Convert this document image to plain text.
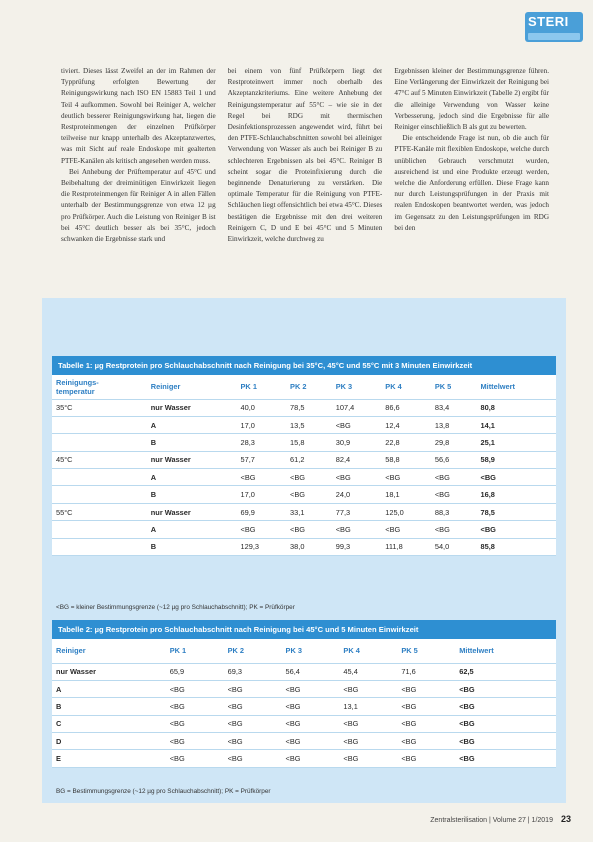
STERI

tiviert. Dieses lässt Zweifel an der im Rahmen der Typprüfung erfolgten Bewertung der Reinigungswirkung nach ISO EN 15883 Teil 1 und Teil 4 aufkommen. Sowohl bei Reiniger A, welcher deutlich besserer Reinigungswirkung hat, liegen die Restproteinmengen der einzelnen Prüfkörper teilweise nur knapp unterhalb des Akzeptanzwertes, was mit Sicht auf reale Endoskope mit gealterten PTFE-Kanälen als kritisch angesehen werden muss.

Bei Anhebung der Prüftemperatur auf 45°C und Beibehaltung der dreiminütigen Einwirkzeit liegen die Restproteinmengen für Reiniger A in allen Fällen unterhalb der Bestimmungsgrenze von etwa 12 µg pro Prüfkörper. Auch die Leistung von Reiniger B ist bei 45°C deutlich besser als bei 35°C, jedoch schwanken die Ergebnisse stark und

bei einem von fünf Prüfkörpern liegt der Restproteinwert immer noch oberhalb des Akzeptanzkriteriums. Eine weitere Anhebung der Reinigungstemperatur auf 55°C – wie sie in der Regel bei RDG mit thermischen Desinfektionsprozessen angewendet wird, führt bei den PTFE-Schlauchabschnitten sowohl bei alleiniger Verwendung von Wasser als auch bei Reiniger B zu schlechteren Ergebnissen als bei 45°C. Reiniger B scheint sogar die Proteinfixierung durch die beginnende Denaturierung zu verstärken. Die optimale Temperatur für die Reinigung von PTFE-Schläuchen liegt offensichtlich bei etwa 45°C. Dieses bestätigen die Ergebnisse mit den drei weiteren Reinigern C, D und E bei 45°C und 5 Minuten Einwirkzeit, welche durchweg zu

Ergebnissen kleiner der Bestimmungsgrenze führen. Eine Verlängerung der Einwirkzeit der Reinigung bei 47°C auf 5 Minuten Einwirkzeit (Tabelle 2) ergibt für die alleinige Verwendung von Wasser keine Verbesserung, jedoch sind die Ergebnisse für alle Reiniger einschließlich B als gut zu bewerten.

Die entscheidende Frage ist nun, ob die auch für PTFE-Kanäle mit flexiblen Endoskope, welche durch unüblichen Gebrauch verschmutzt wurden, ausreichend ist und eine Produkte erzeugt werden, welche die Anforderung erfüllen. Diese Frage kann nur durch Leistungsprüfungen in der Praxis mit realen Endoskopen beantwortet werden, was jedoch im Gegensatz zu den Leistungsprüfungen im RDG bei den

Tabelle 1: µg Restprotein pro Schlauchabschnitt nach Reinigung bei 35°C, 45°C und 55°C mit 3 Minuten Einwirkzeit
Reinigungs-
temperatur	Reiniger	PK 1	PK 2	PK 3	PK 4	PK 5	Mittelwert
35°C	nur Wasser	40,0	78,5	107,4	86,6	83,4	80,8
	A	17,0	13,5	<BG	12,4	13,8	14,1
	B	28,3	15,8	30,9	22,8	29,8	25,1
45°C	nur Wasser	57,7	61,2	82,4	58,8	56,6	58,9
	A	<BG	<BG	<BG	<BG	<BG	<BG
	B	17,0	<BG	24,0	18,1	<BG	16,8
55°C	nur Wasser	69,9	33,1	77,3	125,0	88,3	78,5
	A	<BG	<BG	<BG	<BG	<BG	<BG
	B	129,3	38,0	99,3	111,8	54,0	85,8
<BG = kleiner Bestimmungsgrenze (~12 µg pro Schlauchabschnitt); PK = Prüfkörper
Tabelle 2: µg Restprotein pro Schlauchabschnitt nach Reinigung bei 45°C und 5 Minuten Einwirkzeit
Reiniger	PK 1	PK 2	PK 3	PK 4	PK 5	Mittelwert
nur Wasser	65,9	69,3	56,4	45,4	71,6	62,5
A	<BG	<BG	<BG	<BG	<BG	<BG
B	<BG	<BG	<BG	13,1	<BG	<BG
C	<BG	<BG	<BG	<BG	<BG	<BG
D	<BG	<BG	<BG	<BG	<BG	<BG
E	<BG	<BG	<BG	<BG	<BG	<BG
BG = Bestimmungsgrenze (~12 µg pro Schlauchabschnitt); PK = Prüfkörper
Zentralsterilisation | Volume 27 | 1/2019 23
